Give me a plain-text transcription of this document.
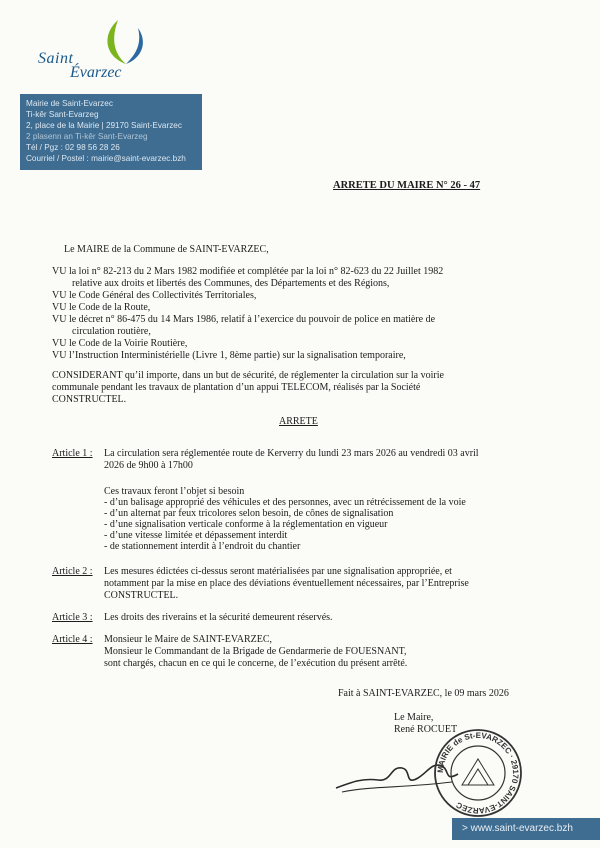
Saint
Évarzec
Mairie de Saint-Evarzec
Ti-kêr Sant-Evarzeg
2, place de la Mairie | 29170 Saint-Evarzec
2 plasenn an Ti-kêr Sant-Evarzeg
Tél / Pgz : 02 98 56 28 26
Courriel / Postel : mairie@saint-evarzec.bzh
ARRETE DU MAIRE N° 26 - 47
Le MAIRE de la Commune de SAINT-EVARZEC,
VU la loi n° 82-213 du 2 Mars 1982 modifiée et complétée par la loi n° 82-623 du 22 Juillet 1982
relative aux droits et libertés des Communes, des Départements et des Régions,
VU le Code Général des Collectivités Territoriales,
VU le Code de la Route,
VU le décret n° 86-475 du 14 Mars 1986, relatif à l’exercice du pouvoir de police en matière de
circulation routière,
VU le Code de la Voirie Routière,
VU l’Instruction Interministérielle (Livre 1, 8ème partie) sur la signalisation temporaire,
CONSIDERANT qu’il importe, dans un but de sécurité, de réglementer la circulation sur la voirie
communale pendant les travaux de plantation d’un appui TELECOM, réalisés par la Société
CONSTRUCTEL.
ARRETE
Article 1 : La circulation sera réglementée route de Kerverry du lundi 23 mars 2026 au vendredi 03 avril
2026 de 9h00 à 17h00
Ces travaux feront l’objet si besoin
- d’un balisage approprié des véhicules et des personnes, avec un rétrécissement de la voie
- d’un alternat par feux tricolores selon besoin, de cônes de signalisation
- d’une signalisation verticale conforme à la réglementation en vigueur
- d’une vitesse limitée et dépassement interdit
- de stationnement interdit à l’endroit du chantier
Article 2 : Les mesures édictées ci-dessus seront matérialisées par une signalisation appropriée, et
notamment par la mise en place des déviations éventuellement nécessaires, par l’Entreprise
CONSTRUCTEL.
Article 3 : Les droits des riverains et la sécurité demeurent réservés.
Article 4 : Monsieur le Maire de SAINT-EVARZEC,
Monsieur le Commandant de la Brigade de Gendarmerie de FOUESNANT,
sont chargés, chacun en ce qui le concerne, de l’exécution du présent arrêté.
Fait à SAINT-EVARZEC, le 09 mars 2026
Le Maire,
René ROCUET
MAIRIE de St-EVARZEC · 29170 SAINT-EVARZEC
> www.saint-evarzec.bzh
